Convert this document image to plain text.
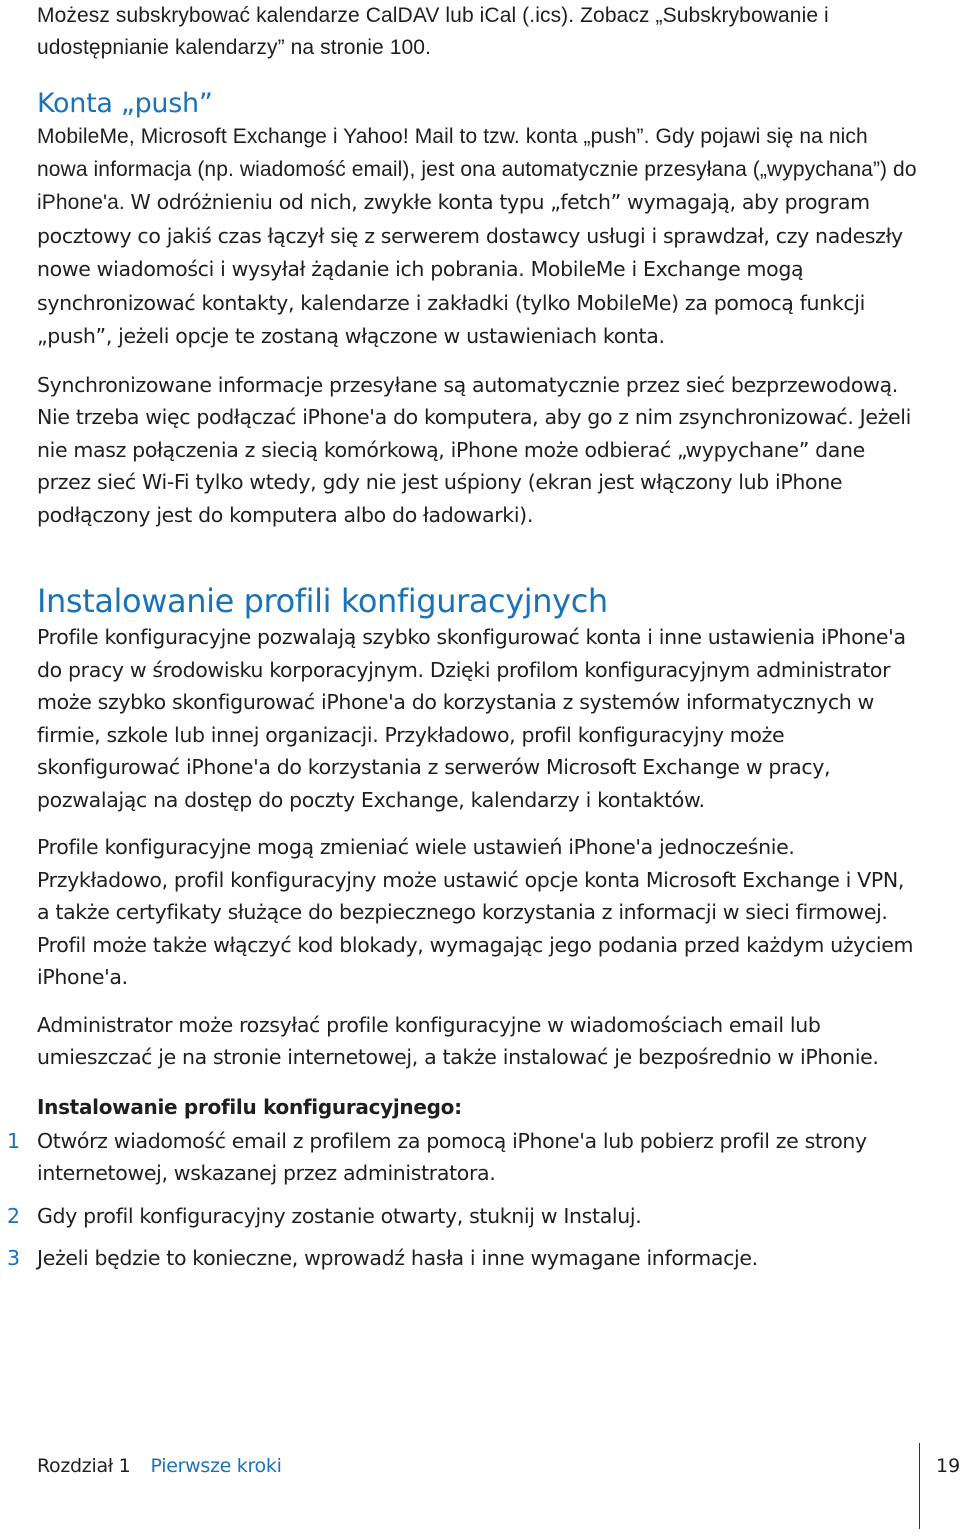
Możesz subskrybować kalendarze CalDAV lub iCal (.ics). Zobacz „Subskrybowanie i udostępnianie kalendarzy” na stronie 100.

Konta „push”

MobileMe, Microsoft Exchange i Yahoo! Mail to tzw. konta „push”. Gdy pojawi się na nich nowa informacja (np. wiadomość email), jest ona automatycznie przesyłana („wypychana”) do iPhone'a. W odróżnieniu od nich, zwykłe konta typu „fetch” wymagają, aby program pocztowy co jakiś czas łączył się z serwerem dostawcy usługi i sprawdzał, czy nadeszły nowe wiadomości i wysyłał żądanie ich pobrania. MobileMe i Exchange mogą synchronizować kontakty, kalendarze i zakładki (tylko MobileMe) za pomocą funkcji „push”, jeżeli opcje te zostaną włączone w ustawieniach konta.

Synchronizowane informacje przesyłane są automatycznie przez sieć bezprzewodową. Nie trzeba więc podłączać iPhone'a do komputera, aby go z nim zsynchronizować. Jeżeli nie masz połączenia z siecią komórkową, iPhone może odbierać „wypychane” dane przez sieć Wi-Fi tylko wtedy, gdy nie jest uśpiony (ekran jest włączony lub iPhone podłączony jest do komputera albo do ładowarki).

Instalowanie profili konfiguracyjnych

Profile konfiguracyjne pozwalają szybko skonfigurować konta i inne ustawienia iPhone'a do pracy w środowisku korporacyjnym. Dzięki profilom konfiguracyjnym administrator może szybko skonfigurować iPhone'a do korzystania z systemów informatycznych w firmie, szkole lub innej organizacji. Przykładowo, profil konfiguracyjny może skonfigurować iPhone'a do korzystania z serwerów Microsoft Exchange w pracy, pozwalając na dostęp do poczty Exchange, kalendarzy i kontaktów.

Profile konfiguracyjne mogą zmieniać wiele ustawień iPhone'a jednocześnie. Przykładowo, profil konfiguracyjny może ustawić opcje konta Microsoft Exchange i VPN, a także certyfikaty służące do bezpiecznego korzystania z informacji w sieci firmowej. Profil może także włączyć kod blokady, wymagając jego podania przed każdym użyciem iPhone'a.

Administrator może rozsyłać profile konfiguracyjne w wiadomościach email lub umieszczać je na stronie internetowej, a także instalować je bezpośrednio w iPhonie.

Instalowanie profilu konfiguracyjnego:

1 Otwórz wiadomość email z profilem za pomocą iPhone'a lub pobierz profil ze strony internetowej, wskazanej przez administratora.
2 Gdy profil konfiguracyjny zostanie otwarty, stuknij w Instaluj.
3 Jeżeli będzie to konieczne, wprowadź hasła i inne wymagane informacje.
Rozdział 1 Pierwsze kroki	19
